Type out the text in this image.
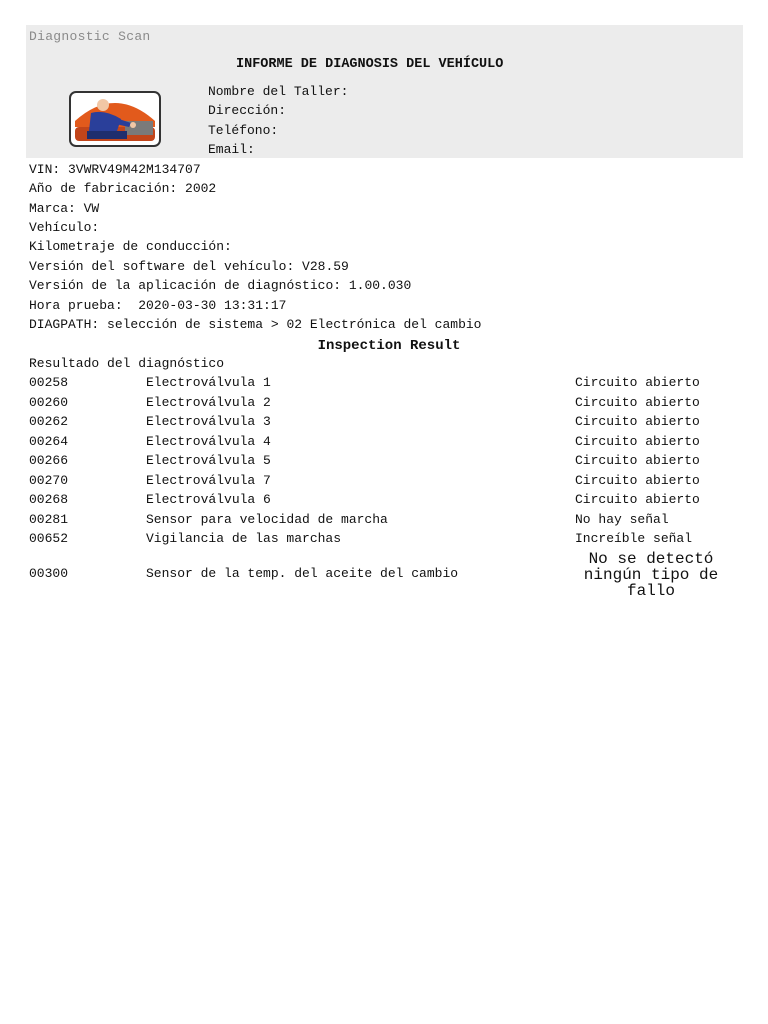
Diagnostic Scan
INFORME DE DIAGNOSIS DEL VEHÍCULO
Nombre del Taller:
Dirección:
Teléfono:
Email:
VIN: 3VWRV49M42M134707
Año de fabricación: 2002
Marca: VW
Vehículo:
Kilometraje de conducción:
Versión del software del vehículo: V28.59
Versión de la aplicación de diagnóstico: 1.00.030
Hora prueba:  2020-03-30 13:31:17
DIAGPATH: selección de sistema > 02 Electrónica del cambio
Inspection Result
Resultado del diagnóstico
00258	Electroválvula 1	Circuito abierto
00260	Electroválvula 2	Circuito abierto
00262	Electroválvula 3	Circuito abierto
00264	Electroválvula 4	Circuito abierto
00266	Electroválvula 5	Circuito abierto
00270	Electroválvula 7	Circuito abierto
00268	Electroválvula 6	Circuito abierto
00281	Sensor para velocidad de marcha	No hay señal
00652	Vigilancia de las marchas	Increíble señal
00300	Sensor de la temp. del aceite del cambio
No se detectó
ningún tipo de
fallo
